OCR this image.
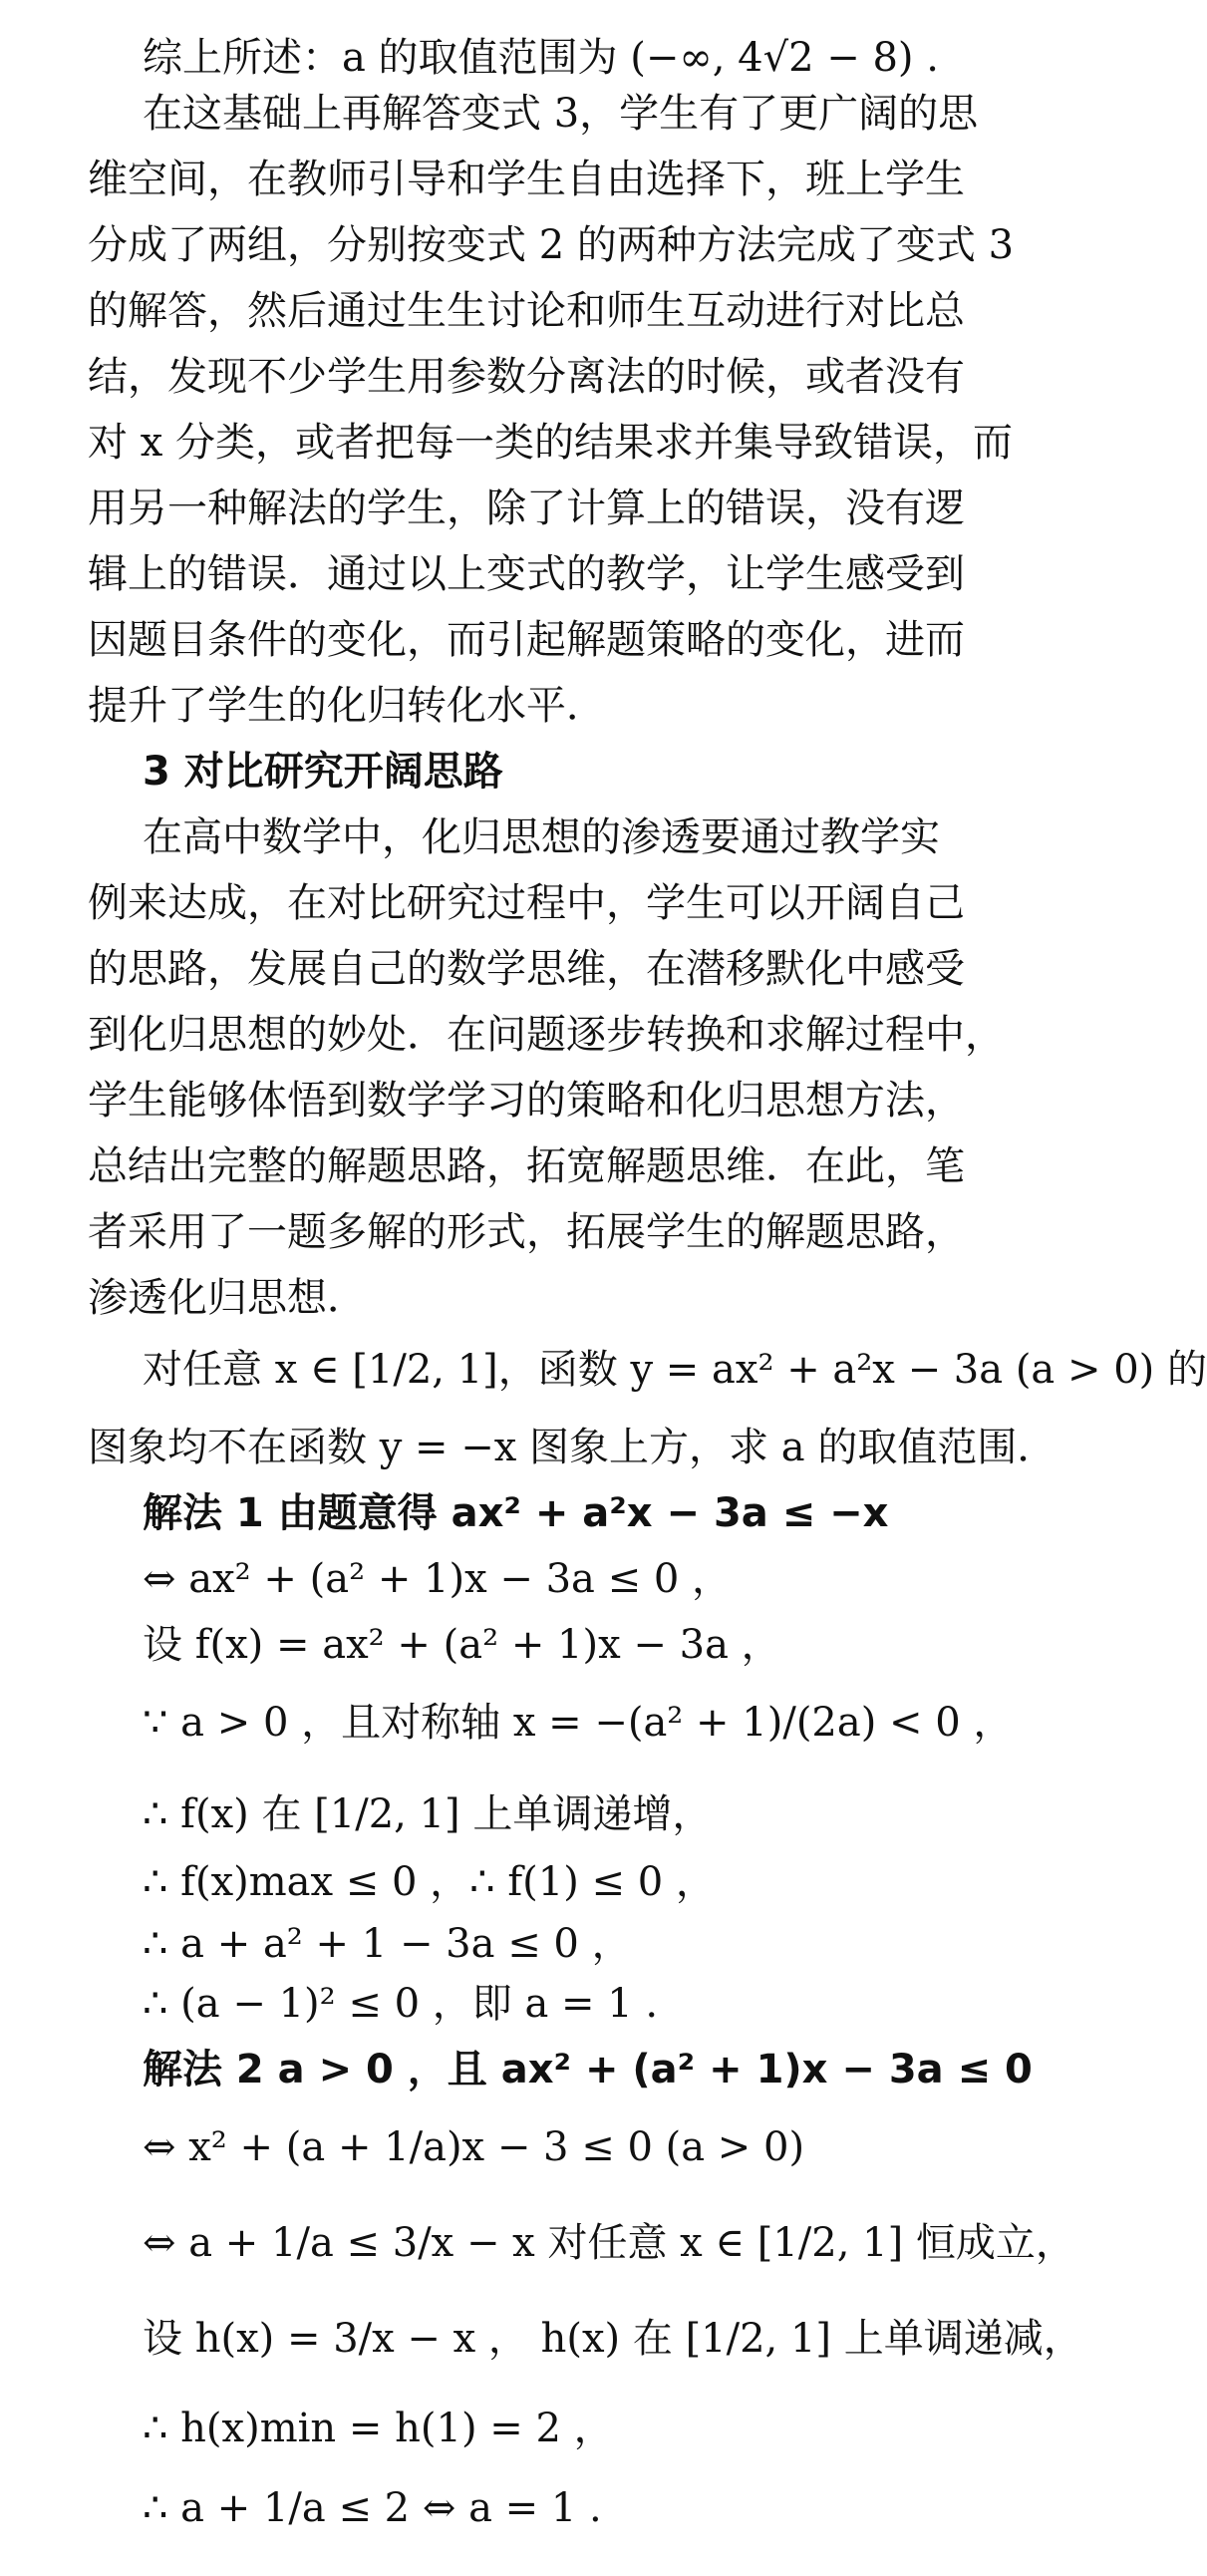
综上所述：a 的取值范围为 (−∞, 4√2 − 8) .
在这基础上再解答变式 3，学生有了更广阔的思
维空间，在教师引导和学生自由选择下，班上学生
分成了两组，分别按变式 2 的两种方法完成了变式 3
的解答，然后通过生生讨论和师生互动进行对比总
结，发现不少学生用参数分离法的时候，或者没有
对 x 分类，或者把每一类的结果求并集导致错误，而
用另一种解法的学生，除了计算上的错误，没有逻
辑上的错误．通过以上变式的教学，让学生感受到
因题目条件的变化，而引起解题策略的变化，进而
提升了学生的化归转化水平．
3 对比研究开阔思路
在高中数学中，化归思想的渗透要通过教学实
例来达成，在对比研究过程中，学生可以开阔自己
的思路，发展自己的数学思维，在潜移默化中感受
到化归思想的妙处．在问题逐步转换和求解过程中，
学生能够体悟到数学学习的策略和化归思想方法，
总结出完整的解题思路，拓宽解题思维．在此，笔
者采用了一题多解的形式，拓展学生的解题思路，
渗透化归思想．
对任意 x ∈ [1/2, 1]，函数 y = ax² + a²x − 3a (a > 0) 的
图象均不在函数 y = −x 图象上方，求 a 的取值范围．
解法 1 由题意得 ax² + a²x − 3a ≤ −x
⇔ ax² + (a² + 1)x − 3a ≤ 0 ，
设 f(x) = ax² + (a² + 1)x − 3a ，
∵ a > 0 ，且对称轴 x = −(a² + 1)/(2a) < 0 ，
∴ f(x) 在 [1/2, 1] 上单调递增，
∴ f(x)max ≤ 0 ，∴ f(1) ≤ 0 ，
∴ a + a² + 1 − 3a ≤ 0 ，
∴ (a − 1)² ≤ 0 ，即 a = 1 .
解法 2 a > 0 ，且 ax² + (a² + 1)x − 3a ≤ 0
⇔ x² + (a + 1/a)x − 3 ≤ 0 (a > 0)
⇔ a + 1/a ≤ 3/x − x 对任意 x ∈ [1/2, 1] 恒成立，
设 h(x) = 3/x − x ， h(x) 在 [1/2, 1] 上单调递减，
∴ h(x)min = h(1) = 2 ，
∴ a + 1/a ≤ 2 ⇔ a = 1 .
